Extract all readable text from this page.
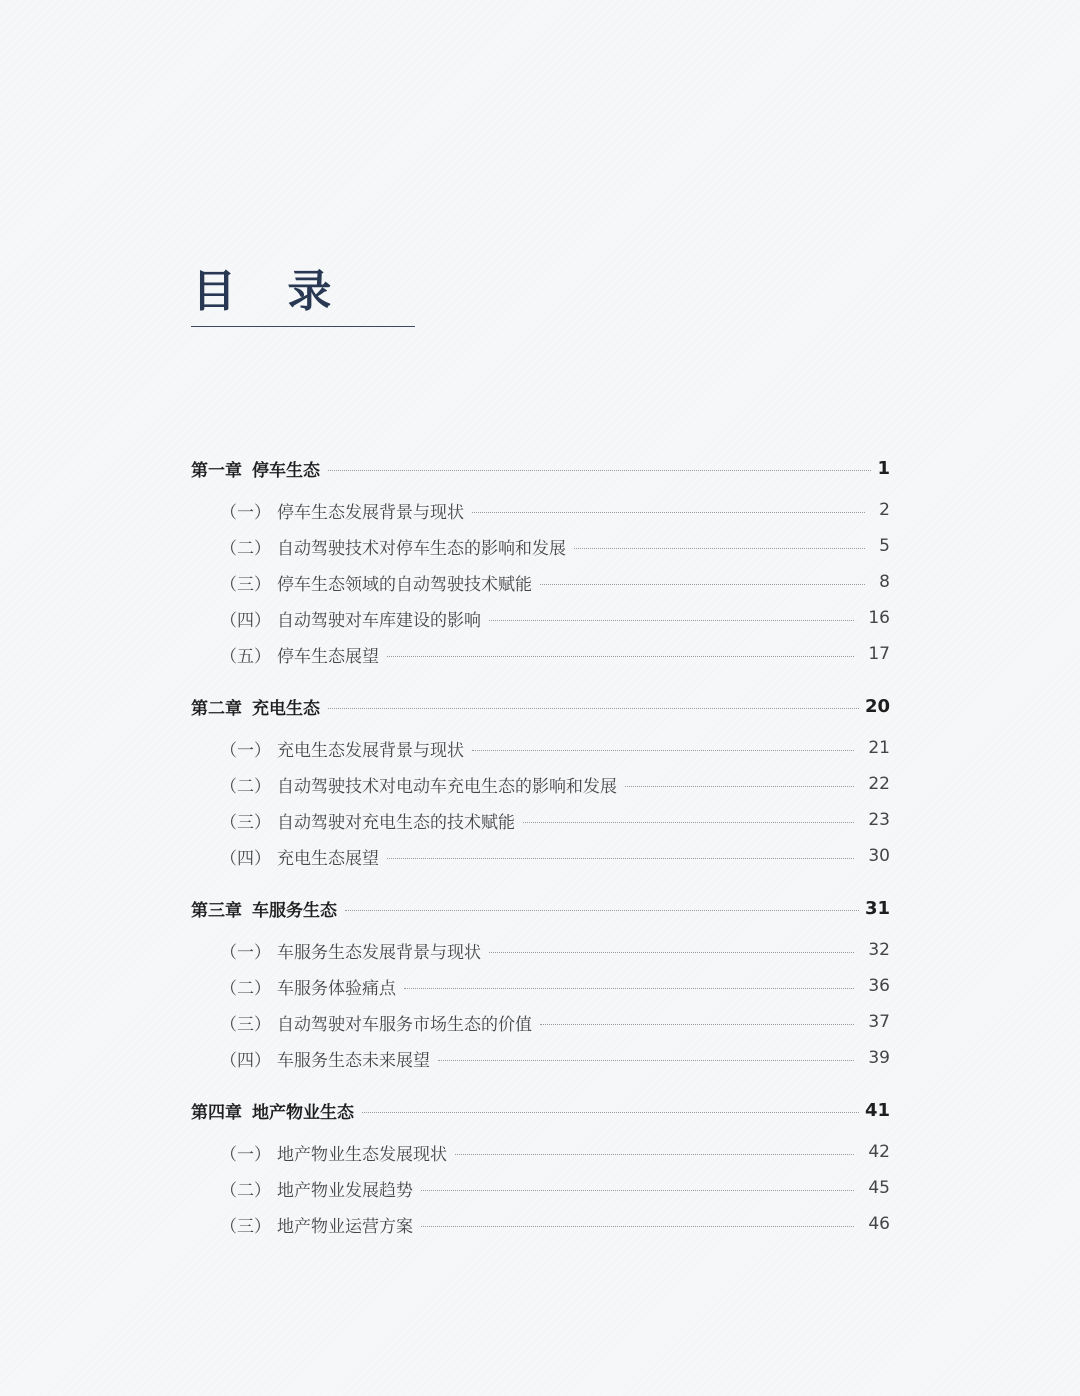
目 录
第一章 停车生态	1
（一） 停车生态发展背景与现状	2
（二） 自动驾驶技术对停车生态的影响和发展	5
（三） 停车生态领域的自动驾驶技术赋能	8
（四） 自动驾驶对车库建设的影响	16
（五） 停车生态展望	17
第二章 充电生态	20
（一） 充电生态发展背景与现状	21
（二） 自动驾驶技术对电动车充电生态的影响和发展	22
（三） 自动驾驶对充电生态的技术赋能	23
（四） 充电生态展望	30
第三章 车服务生态	31
（一） 车服务生态发展背景与现状	32
（二） 车服务体验痛点	36
（三） 自动驾驶对车服务市场生态的价值	37
（四） 车服务生态未来展望	39
第四章 地产物业生态	41
（一） 地产物业生态发展现状	42
（二） 地产物业发展趋势	45
（三） 地产物业运营方案	46
